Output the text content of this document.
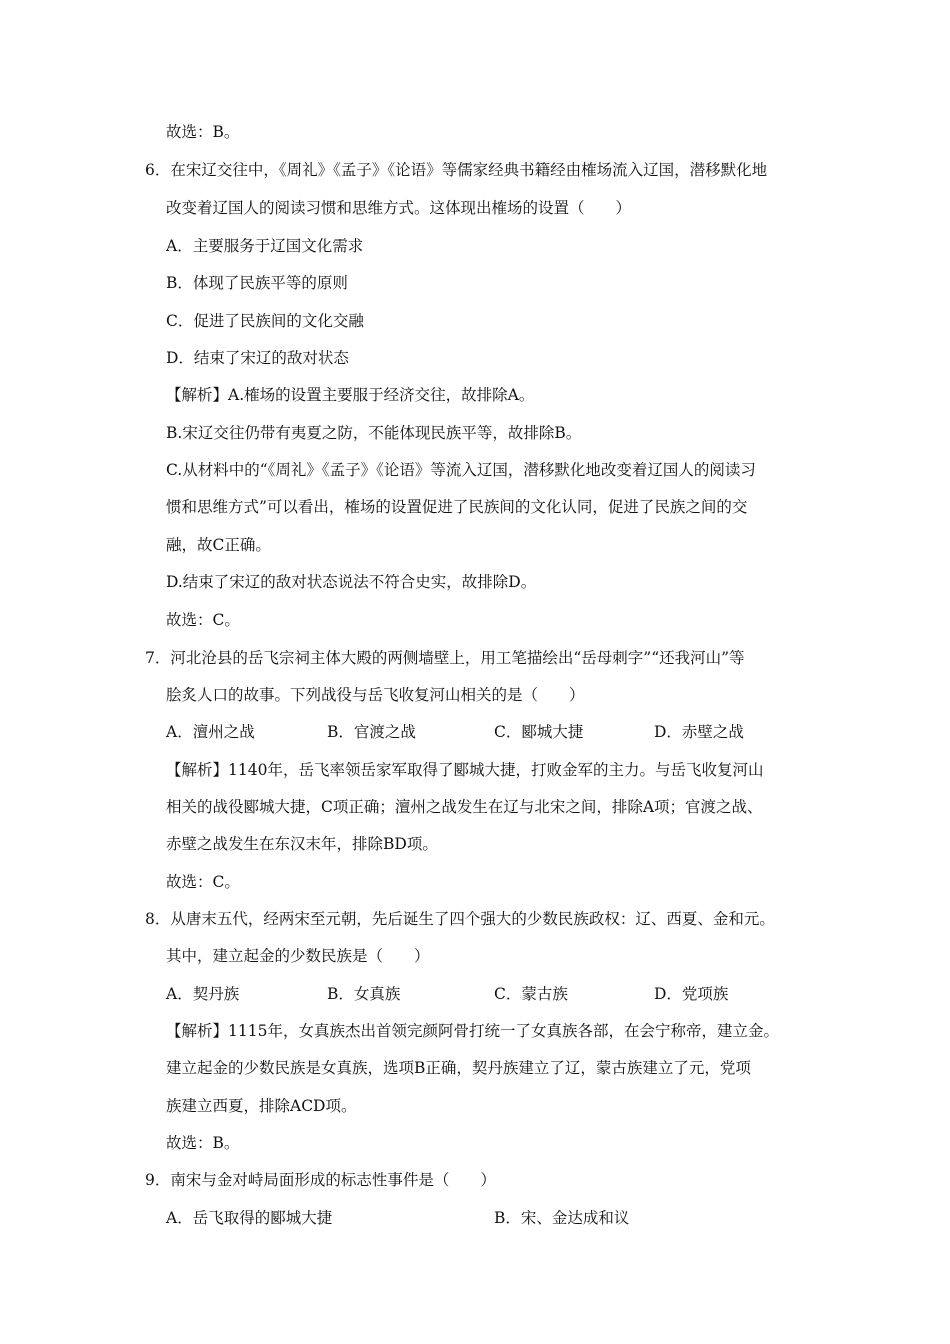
故选：B。
6．在宋辽交往中，《周礼》《孟子》《论语》等儒家经典书籍经由榷场流入辽国，潜移默化地
改变着辽国人的阅读习惯和思维方式。这体现出榷场的设置（　　）
A．主要服务于辽国文化需求
B．体现了民族平等的原则
C．促进了民族间的文化交融
D．结束了宋辽的敌对状态
【解析】A.榷场的设置主要服于经济交往，故排除A。
B.宋辽交往仍带有夷夏之防，不能体现民族平等，故排除B。
C.从材料中的“《周礼》《孟子》《论语》等流入辽国，潜移默化地改变着辽国人的阅读习
惯和思维方式”可以看出，榷场的设置促进了民族间的文化认同，促进了民族之间的交
融，故C正确。
D.结束了宋辽的敌对状态说法不符合史实，故排除D。
故选：C。
7．河北沧县的岳飞宗祠主体大殿的两侧墙壁上，用工笔描绘出“岳母刺字”“还我河山”等
脍炙人口的故事。下列战役与岳飞收复河山相关的是（　　）
A．澶州之战	B．官渡之战	C．郾城大捷	D．赤壁之战
【解析】1140年，岳飞率领岳家军取得了郾城大捷，打败金军的主力。与岳飞收复河山
相关的战役郾城大捷，C项正确；澶州之战发生在辽与北宋之间，排除A项；官渡之战、
赤壁之战发生在东汉末年，排除BD项。
故选：C。
8．从唐末五代，经两宋至元朝，先后诞生了四个强大的少数民族政权：辽、西夏、金和元。
其中，建立起金的少数民族是（　　）
A．契丹族	B．女真族	C．蒙古族	D．党项族
【解析】1115年，女真族杰出首领完颜阿骨打统一了女真族各部，在会宁称帝，建立金。
建立起金的少数民族是女真族，选项B正确，契丹族建立了辽，蒙古族建立了元，党项
族建立西夏，排除ACD项。
故选：B。
9．南宋与金对峙局面形成的标志性事件是（　　）
A．岳飞取得的郾城大捷	B．宋、金达成和议
